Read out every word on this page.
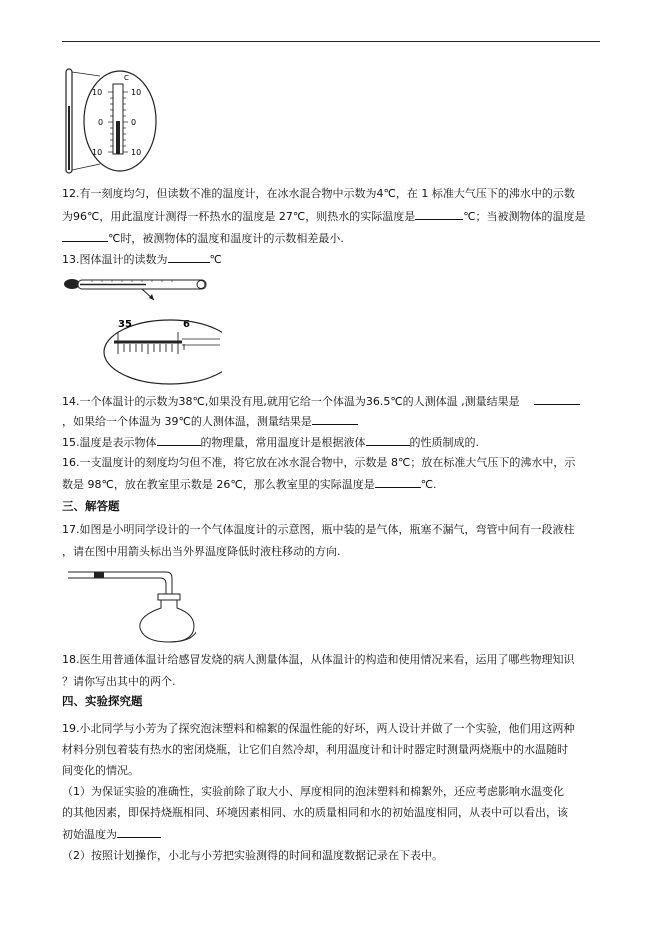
C
10
0
10
10
0
10
12.有一刻度均匀，但读数不准的温度计，在冰水混合物中示数为4℃，在 1 标准大气压下的沸水中的示数
为96℃，用此温度计测得一杯热水的温度是 27℃，则热水的实际温度是	℃；当被测物体的温度是
℃时，被测物体的温度和温度计的示数相差最小.
13.图体温计的读数为	℃
35	6
14.一个体温计的示数为38℃,如果没有甩,就用它给一个体温为36.5℃的人测体温 ,测量结果是
，如果给一个体温为 39℃的人测体温，测量结果是
15.温度是表示物体	的物理量，常用温度计是根据液体	的性质制成的.
16.一支温度计的刻度均匀但不准，将它放在冰水混合物中，示数是 8℃；放在标准大气压下的沸水中，示
数是 98℃，放在教室里示数是 26℃，那么教室里的实际温度是	℃.
三、解答题
17.如图是小明同学设计的一个气体温度计的示意图，瓶中装的是气体，瓶塞不漏气，弯管中间有一段液柱
，请在图中用箭头标出当外界温度降低时液柱移动的方向.
18.医生用普通体温计给感冒发烧的病人测量体温，从体温计的构造和使用情况来看，运用了哪些物理知识
？请你写出其中的两个.
四、实验探究题
19.小北同学与小芳为了探究泡沫塑料和棉絮的保温性能的好坏，两人设计并做了一个实验，他们用这两种
材料分别包着装有热水的密闭烧瓶，让它们自然冷却，利用温度计和计时器定时测量两烧瓶中的水温随时
间变化的情况。
（1）为保证实验的准确性，实验前除了取大小、厚度相同的泡沫塑料和棉絮外，还应考虑影响水温变化
的其他因素，即保持烧瓶相同、环境因素相同、水的质量相同和水的初始温度相同，从表中可以看出，该
初始温度为
（2）按照计划操作，小北与小芳把实验测得的时间和温度数据记录在下表中。
